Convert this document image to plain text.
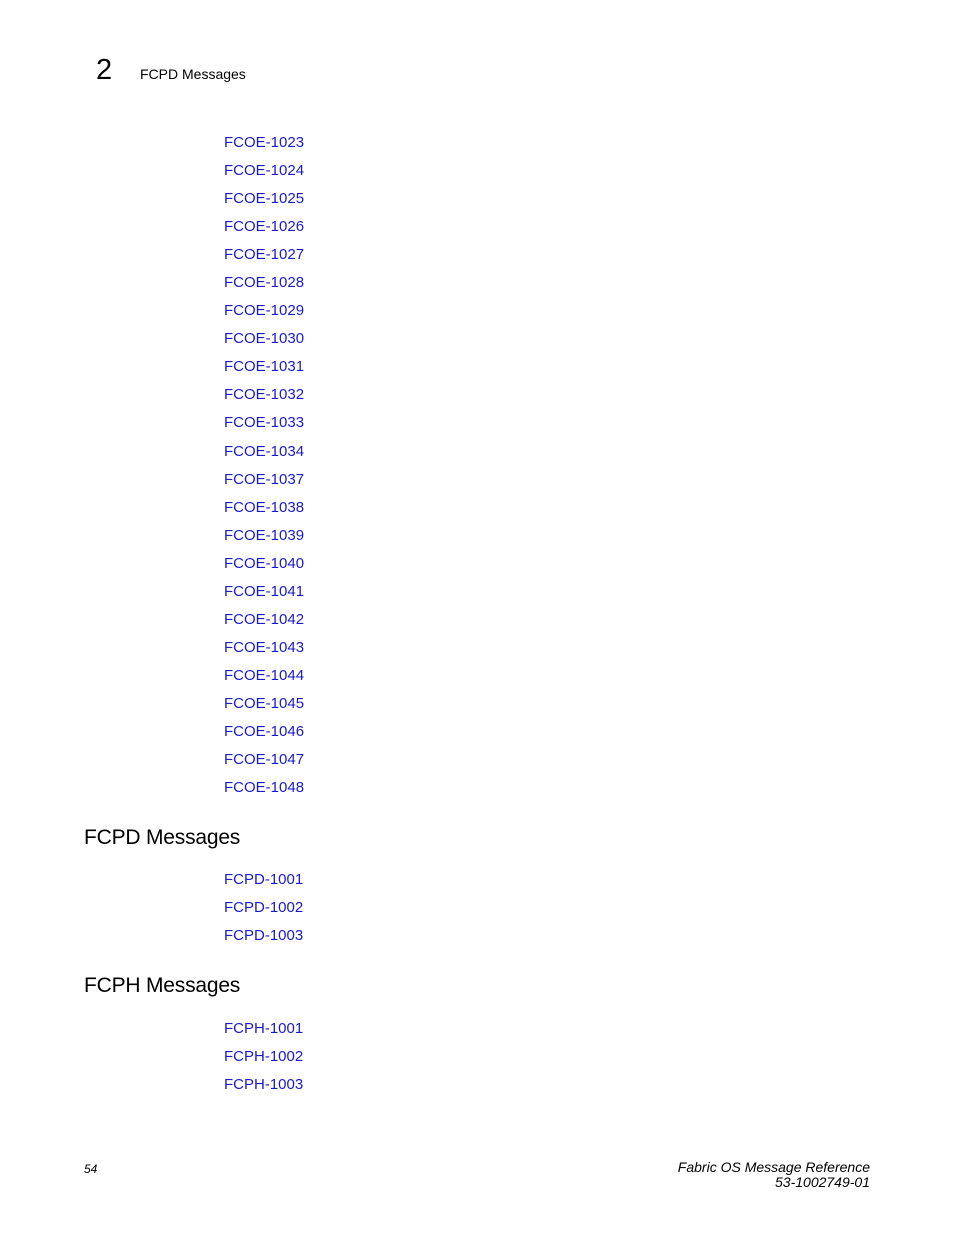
2 FCPD Messages
FCOE-1023
FCOE-1024
FCOE-1025
FCOE-1026
FCOE-1027
FCOE-1028
FCOE-1029
FCOE-1030
FCOE-1031
FCOE-1032
FCOE-1033
FCOE-1034
FCOE-1037
FCOE-1038
FCOE-1039
FCOE-1040
FCOE-1041
FCOE-1042
FCOE-1043
FCOE-1044
FCOE-1045
FCOE-1046
FCOE-1047
FCOE-1048
FCPD Messages
FCPD-1001
FCPD-1002
FCPD-1003
FCPH Messages
FCPH-1001
FCPH-1002
FCPH-1003
54	Fabric OS Message Reference
53-1002749-01
